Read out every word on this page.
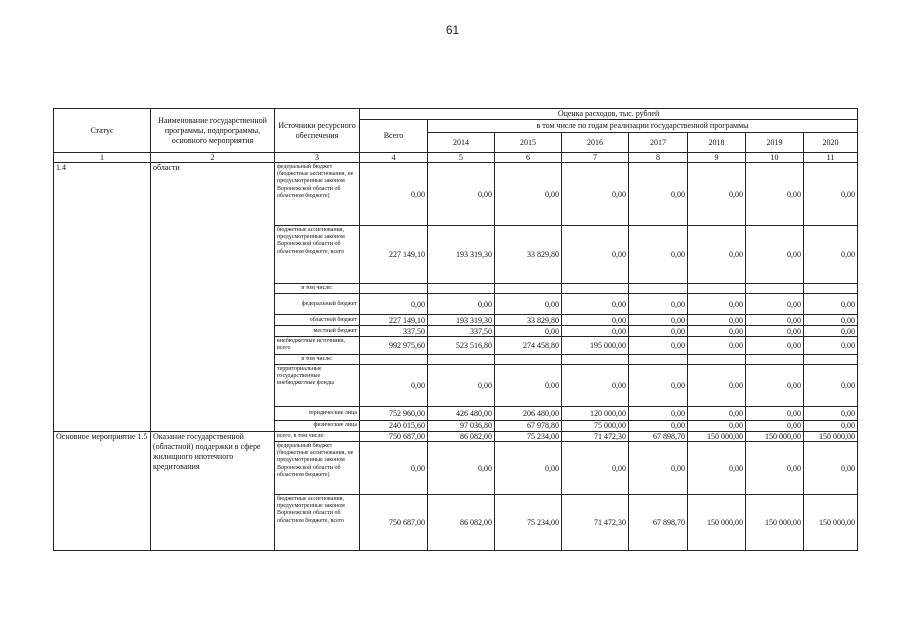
61
Статус	Наименование государственной программы, подпрограммы, основного мероприятия	Источники ресурсного обеспечения	Оценка расходов, тыс. рублей							
			Всего	в том числе по годам реализации государственной программы						
				2014	2015	2016	2017	2018	2019	2020
1	2	3	4	5	6	7	8	9	10	11
1.4	области	федеральный бюджет (бюджетные ассигнования, не предусмотренные законом Воронежской области об областном бюджете)	0,00	0,00	0,00	0,00	0,00	0,00	0,00	0,00
		бюджетные ассигнования, предусмотренные законом Воронежской области об областном бюджете, всего	227 149,10	193 319,30	33 829,80	0,00	0,00	0,00	0,00	0,00
		в том числе:								
		федеральный бюджет	0,00	0,00	0,00	0,00	0,00	0,00	0,00	0,00
		областной бюджет	227 149,10	193 319,30	33 829,80	0,00	0,00	0,00	0,00	0,00
		местный бюджет	337,50	337,50	0,00	0,00	0,00	0,00	0,00	0,00
		внебюджетные источники, всего	992 975,60	523 516,80	274 458,80	195 000,00	0,00	0,00	0,00	0,00
		в том числе:								
		территориальные государственные внебюджетные фонды	0,00	0,00	0,00	0,00	0,00	0,00	0,00	0,00
		юридические лица	752 960,00	426 480,00	206 480,00	120 000,00	0,00	0,00	0,00	0,00
		физические лица	240 015,60	97 036,80	67 978,80	75 000,00	0,00	0,00	0,00	0,00
Основное мероприятие 1.5	Оказание государственной (областной) поддержки в сфере жилищного ипотечного кредитования	всего, в том числе:	750 687,00	86 082,00	75 234,00	71 472,30	67 898,70	150 000,00	150 000,00	150 000,00
		федеральный бюджет (бюджетные ассигнования, не предусмотренные законом Воронежской области об областном бюджете)	0,00	0,00	0,00	0,00	0,00	0,00	0,00	0,00
		бюджетные ассигнования, предусмотренные законом Воронежской области об областном бюджете, всего	750 687,00	86 082,00	75 234,00	71 472,30	67 898,70	150 000,00	150 000,00	150 000,00
